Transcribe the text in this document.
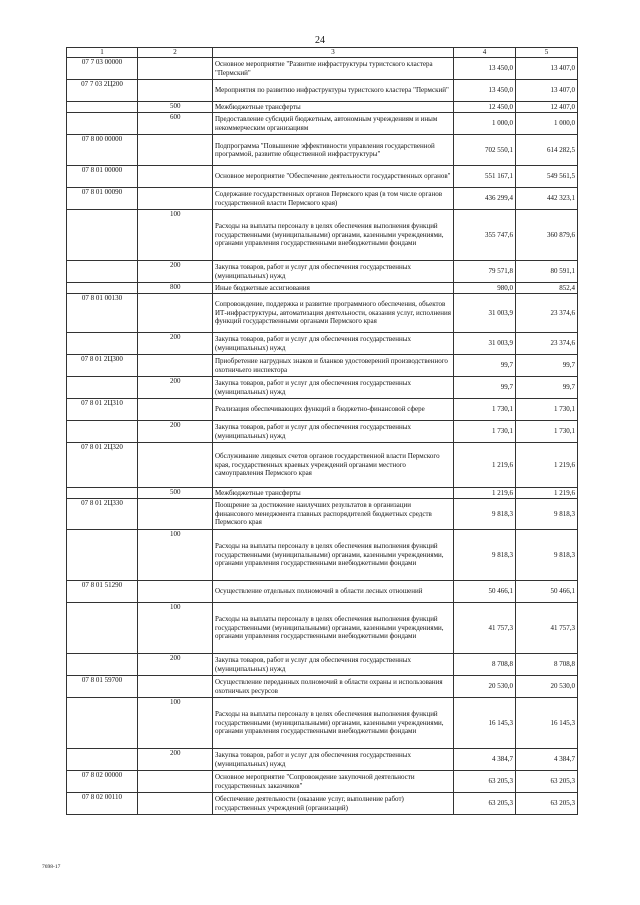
24
1	2	3	4	5
07 7 03 00000		Основное мероприятие "Развитие инфраструктуры туристского кластера "Пермский"	13 450,0	13 407,0
07 7 03 2Ц200		Мероприятия по развитию инфраструктуры туристского кластера "Пермский"	13 450,0	13 407,0
	500	Межбюджетные трансферты	12 450,0	12 407,0
	600	Предоставление субсидий бюджетным, автономным учреждениям и иным некоммерческим организациям	1 000,0	1 000,0
07 8 00 00000		Подпрограмма "Повышение эффективности управления государственной программой, развитие общественной инфраструктуры"	702 550,1	614 282,5
07 8 01 00000		Основное мероприятие "Обеспечение деятельности государственных органов"	551 167,1	549 561,5
07 8 01 00090		Содержание государственных органов Пермского края (в том числе органов государственной власти Пермского края)	436 299,4	442 323,1
	100	Расходы на выплаты персоналу в целях обеспечения выполнения функций государственными (муниципальными) органами, казенными учреждениями, органами управления государственными внебюджетными фондами	355 747,6	360 879,6
	200	Закупка товаров, работ и услуг для обеспечения государственных (муниципальных) нужд	79 571,8	80 591,1
	800	Иные бюджетные ассигнования	980,0	852,4
07 8 01 00130		Сопровождение, поддержка и развитие программного обеспечения, объектов ИТ-инфраструктуры, автоматизация деятельности, оказания услуг, исполнения функций государственными органами Пермского края	31 003,9	23 374,6
	200	Закупка товаров, работ и услуг для обеспечения государственных (муниципальных) нужд	31 003,9	23 374,6
07 8 01 2Ц300		Приобретение нагрудных знаков и бланков удостоверений производственного охотничьего инспектора	99,7	99,7
	200	Закупка товаров, работ и услуг для обеспечения государственных (муниципальных) нужд	99,7	99,7
07 8 01 2Ц310		Реализация обеспечивающих функций в бюджетно-финансовой сфере	1 730,1	1 730,1
	200	Закупка товаров, работ и услуг для обеспечения государственных (муниципальных) нужд	1 730,1	1 730,1
07 8 01 2Ц320		Обслуживание лицевых счетов органов государственной власти Пермского края, государственных краевых учреждений органами местного самоуправления Пермского края	1 219,6	1 219,6
	500	Межбюджетные трансферты	1 219,6	1 219,6
07 8 01 2Ц330		Поощрение за достижение наилучших результатов в организации финансового менеджмента главных распорядителей бюджетных средств Пермского края	9 818,3	9 818,3
	100	Расходы на выплаты персоналу в целях обеспечения выполнения функций государственными (муниципальными) органами, казенными учреждениями, органами управления государственными внебюджетными фондами	9 818,3	9 818,3
07 8 01 51290		Осуществление отдельных полномочий в области лесных отношений	50 466,1	50 466,1
	100	Расходы на выплаты персоналу в целях обеспечения выполнения функций государственными (муниципальными) органами, казенными учреждениями, органами управления государственными внебюджетными фондами	41 757,3	41 757,3
	200	Закупка товаров, работ и услуг для обеспечения государственных (муниципальных) нужд	8 708,8	8 708,8
07 8 01 59700		Осуществление переданных полномочий в области охраны и использования охотничьих ресурсов	20 530,0	20 530,0
	100	Расходы на выплаты персоналу в целях обеспечения выполнения функций государственными (муниципальными) органами, казенными учреждениями, органами управления государственными внебюджетными фондами	16 145,3	16 145,3
	200	Закупка товаров, работ и услуг для обеспечения государственных (муниципальных) нужд	4 384,7	4 384,7
07 8 02 00000		Основное мероприятие "Сопровождение закупочной деятельности государственных заказчиков"	63 205,3	63 205,3
07 8 02 00110		Обеспечение деятельности (оказание услуг, выполнение работ) государственных учреждений (организаций)	63 205,3	63 205,3
7698-17
